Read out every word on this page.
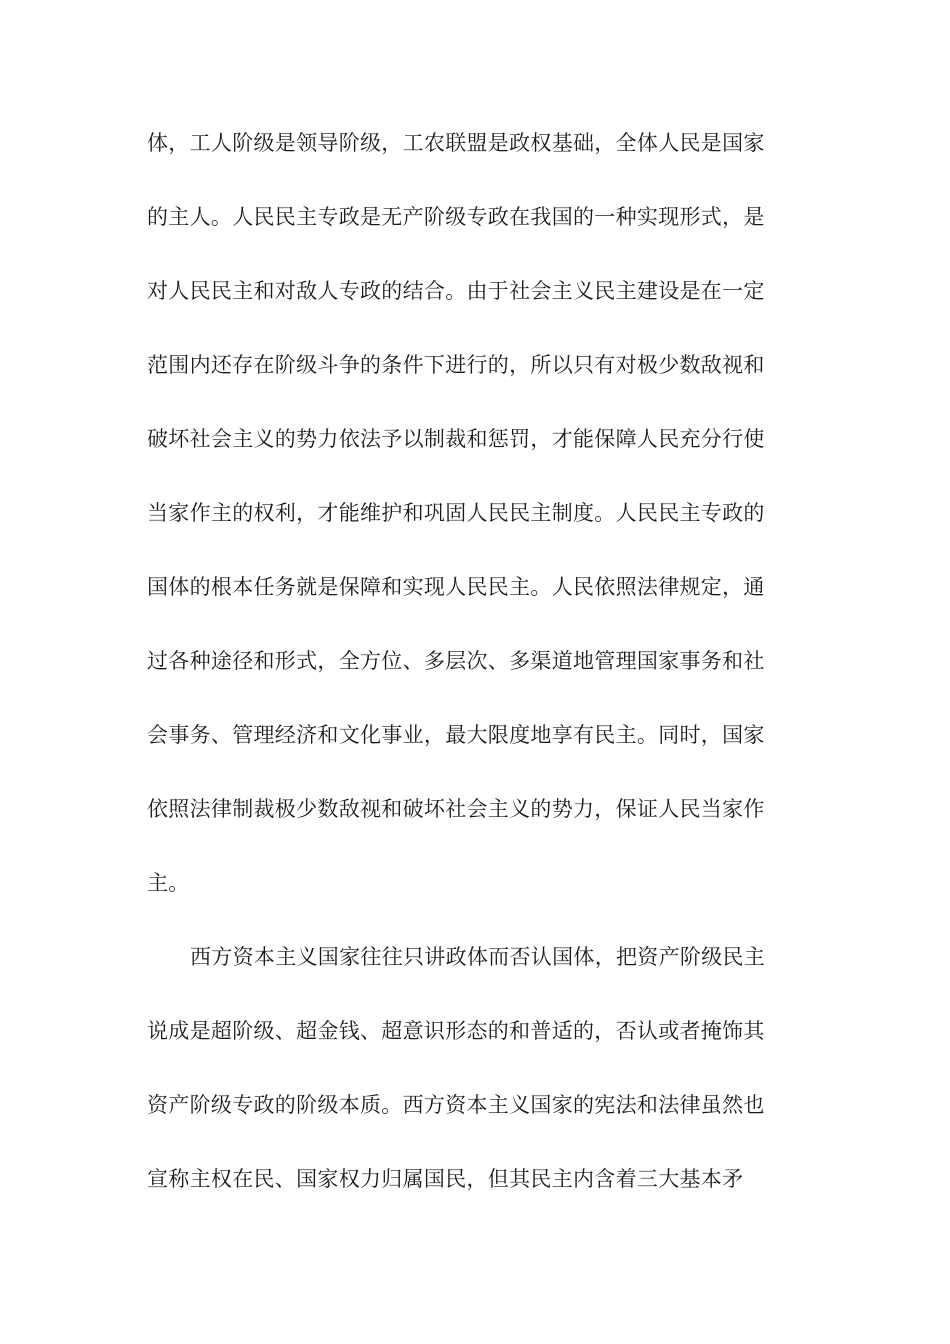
体，工人阶级是领导阶级，工农联盟是政权基础，全体人民是国家
的主人。人民民主专政是无产阶级专政在我国的一种实现形式，是
对人民民主和对敌人专政的结合。由于社会主义民主建设是在一定
范围内还存在阶级斗争的条件下进行的，所以只有对极少数敌视和
破坏社会主义的势力依法予以制裁和惩罚，才能保障人民充分行使
当家作主的权利，才能维护和巩固人民民主制度。人民民主专政的
国体的根本任务就是保障和实现人民民主。人民依照法律规定，通
过各种途径和形式，全方位、多层次、多渠道地管理国家事务和社
会事务、管理经济和文化事业，最大限度地享有民主。同时，国家
依照法律制裁极少数敌视和破坏社会主义的势力，保证人民当家作
主。
西方资本主义国家往往只讲政体而否认国体，把资产阶级民主
说成是超阶级、超金钱、超意识形态的和普适的，否认或者掩饰其
资产阶级专政的阶级本质。西方资本主义国家的宪法和法律虽然也
宣称主权在民、国家权力归属国民，但其民主内含着三大基本矛
